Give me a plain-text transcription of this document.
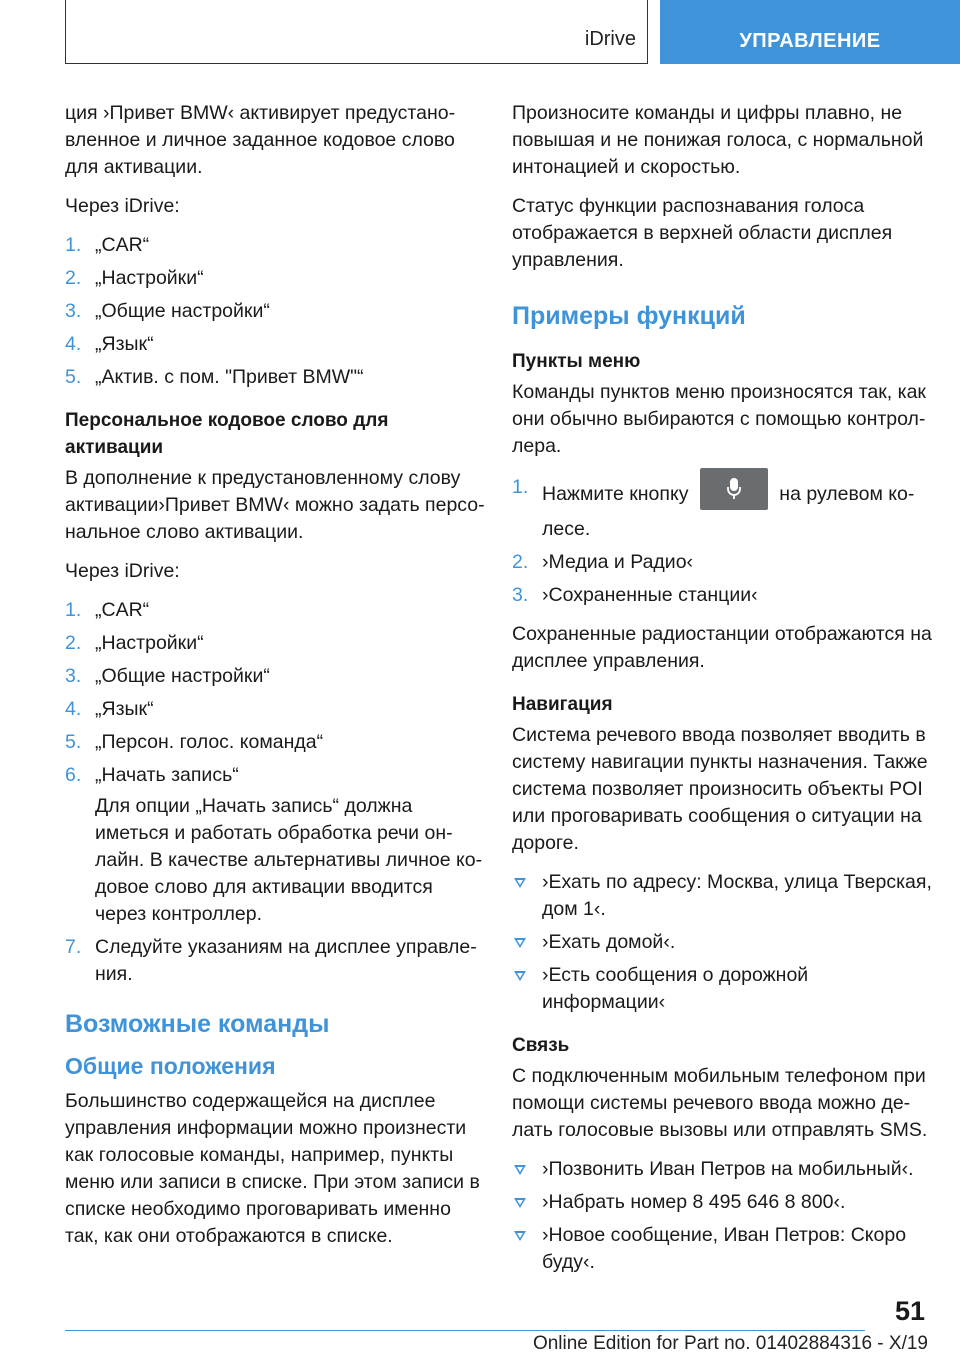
iDrive	УПРАВЛЕНИЕ

ция ›Привет BMW‹ активирует предустановленное и личное заданное кодовое слово для активации.

Через iDrive:

1. „CAR“
2. „Настройки“
3. „Общие настройки“
4. „Язык“
5. „Актив. с пом. "Привет BMW"“
Персональное кодовое слово для активации

В дополнение к предустановленному слову активации›Привет BMW‹ можно задать персональное слово активации.

Через iDrive:

1. „CAR“
2. „Настройки“
3. „Общие настройки“
4. „Язык“
5. „Персон. голос. команда“
6. „Начать запись“
Для опции „Начать запись“ должна иметься и работать обработка речи онлайн. В качестве альтернативы личное кодовое слово для активации вводится через контроллер.
7. Следуйте указаниям на дисплее управления.
Возможные команды
Общие положения

Большинство содержащейся на дисплее управления информации можно произнести как голосовые команды, например, пункты меню или записи в списке. При этом записи в списке необходимо проговаривать именно так, как они отображаются в списке.

Произносите команды и цифры плавно, не повышая и не понижая голоса, с нормальной интонацией и скоростью.

Статус функции распознавания голоса отображается в верхней области дисплея управления.

Примеры функций
Пункты меню

Команды пунктов меню произносятся так, как они обычно выбираются с помощью контроллера.

1. Нажмите кнопку	на рулевом колесе.
2. ›Медиа и Радио‹
3. ›Сохраненные станции‹

Сохраненные радиостанции отображаются на дисплее управления.

Навигация

Система речевого ввода позволяет вводить в систему навигации пункты назначения. Также система позволяет произносить объекты POI или проговаривать сообщения о ситуации на дороге.

›Ехать по адресу: Москва, улица Тверская, дом 1‹.
›Ехать домой‹.
›Есть сообщения о дорожной информации‹
Связь

С подключенным мобильным телефоном при помощи системы речевого ввода можно делать голосовые вызовы или отправлять SMS.

›Позвонить Иван Петров на мобильный‹.
›Набрать номер 8 495 646 8 800‹.
›Новое сообщение, Иван Петров: Скоро буду‹.
51
Online Edition for Part no. 01402884316 - X/19
